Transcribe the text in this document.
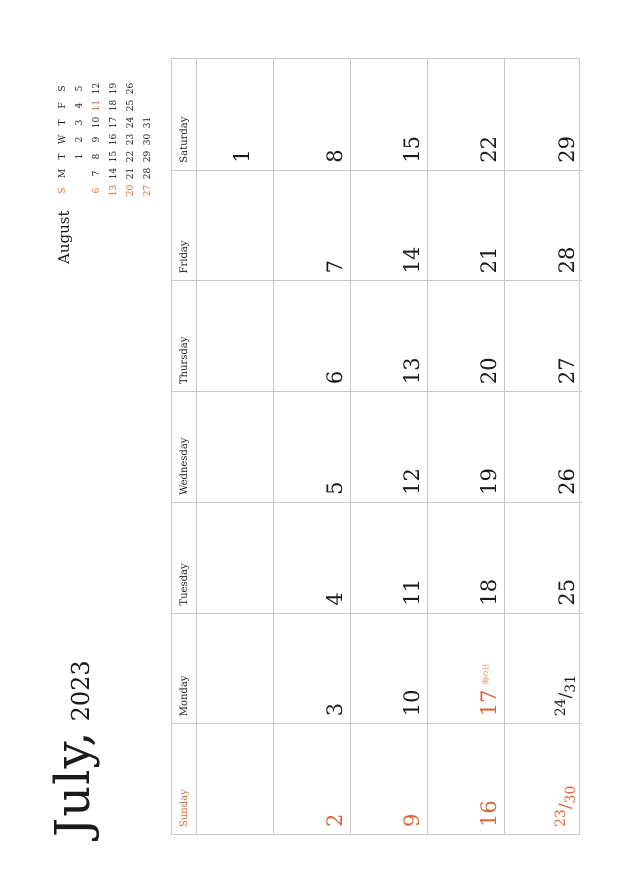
July, 2023
August
S
M
T
W
T
F
S
1
2
3
4
5
6
7
8
9
10
11
12
13
14
15
16
17
18
19
20
21
22
23
24
25
26
27
28
29
30
31
Sunday
Monday
Tuesday
Wednesday
Thursday
Friday
Saturday	1
2
3
4
5
6
7
8
9
10
11
12
13
14
15
16
$17^{海の日}$
18
19
20
21
22
23/30
24/31
25
26
27
28
29
